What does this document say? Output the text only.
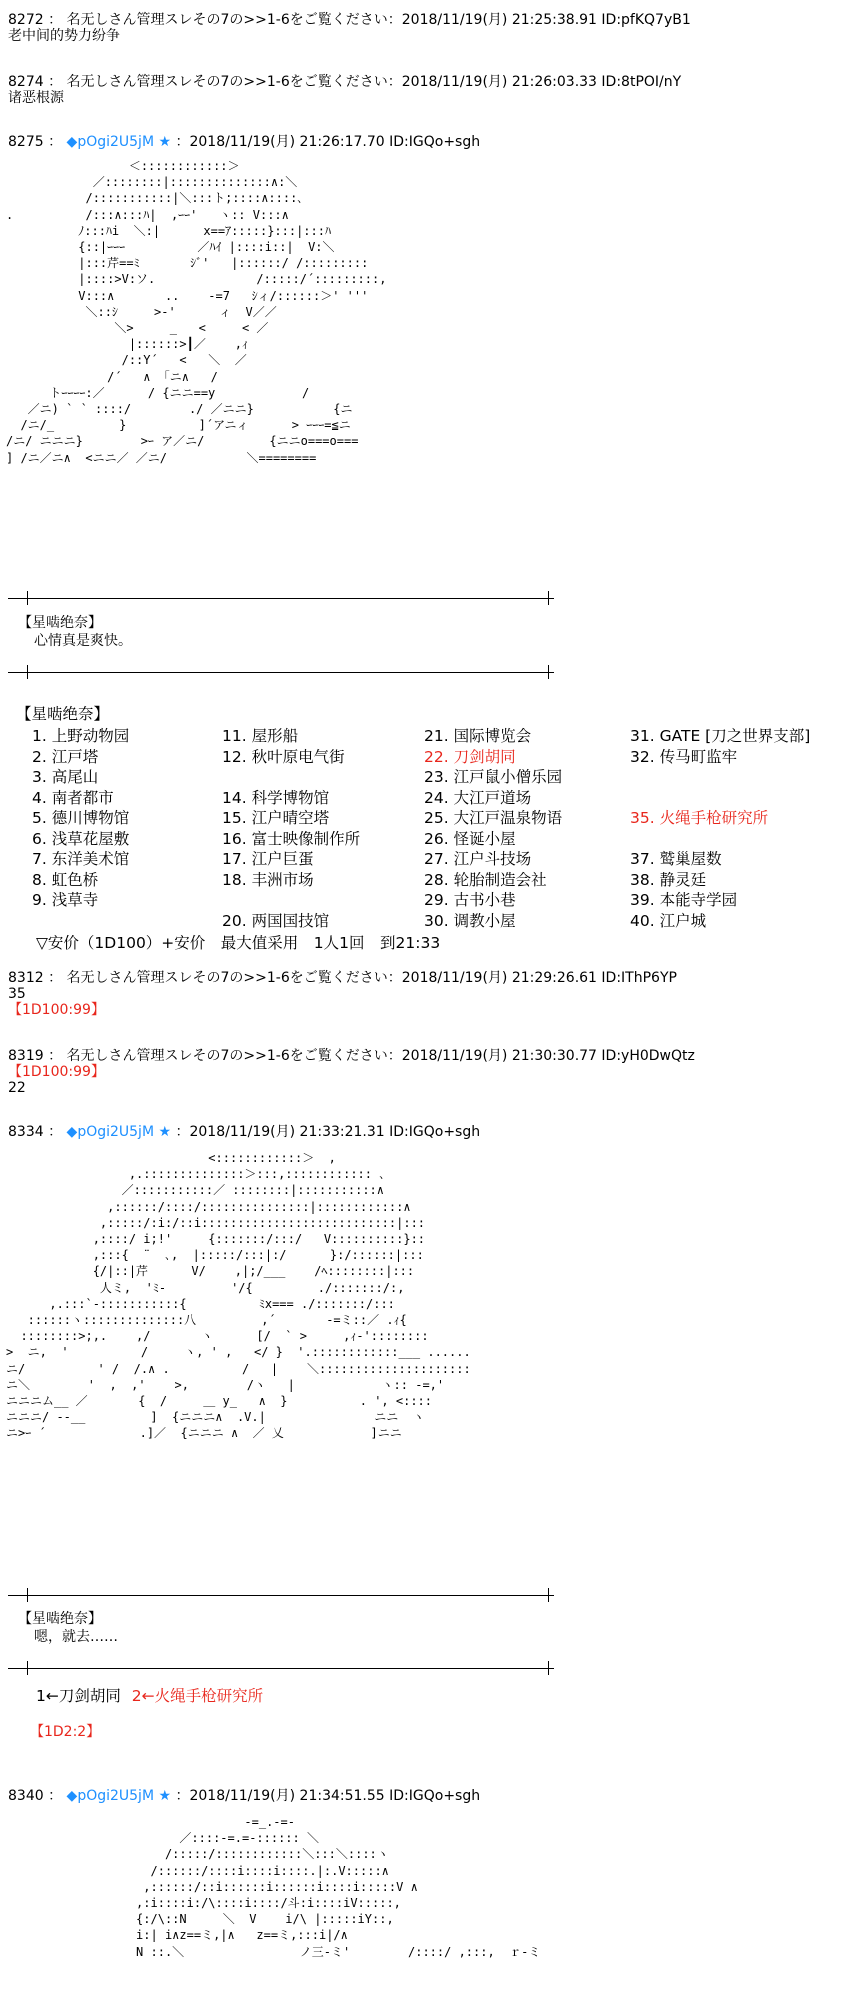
8272 ： 名无しさん管理スレその7の>>1-6をご覧ください：2018/11/19(月) 21:25:38.91 ID:pfKQ7yB1
老中间的势力纷争
8274 ： 名无しさん管理スレその7の>>1-6をご覧ください：2018/11/19(月) 21:26:03.33 ID:8tPOI/nY
诸恶根源
8275 ： ◆pOgi2U5jM ★ ：2018/11/19(月) 21:26:17.70 ID:IGQo+sgh
＜::::::::::::＞
／::::::::|::::::::::::::∧:＼
/:::::::::::|＼:::ト;::::∧::::､
.          /:::∧:::ﾊ|  ,ｰｰ'   ヽ:: V:::∧
ﾉ:::ﾊi  ＼:|      x==ｱ:::::}:::|:::ﾊ
{::|ｰｰｰ          ／ﾊｲ |::::i::|  V:＼
|:::芹==ﾐ       ｼﾞ'   |::::::/ /:::::::::
|::::>V:ソ.              /:::::/´:::::::::,
V:::∧       ..    -=7   ｼィ/::::::＞' '''
＼::ｼ     >-'      ィ  V／／
＼>     _   <     < ／
|::::::>┃／    ,ｨ
/::Y´   <   ＼  ／
/´   ∧ 「ニ∧   /
トｰｰｰｰ:／      / {ニニ==y            /
／ニ) ` ` ::::/        ./ ／ニニ}           {ニ
/ニ/_         }          ]´アニィ      > ｰｰｰ=≦ニ
/ニ/ ニニニ}        >ｰ ア／ニ/         {ニニo===o===
] /ニ／ニ∧  <ニニ／ ／ニ/           ＼========
【星啮绝奈】
心情真是爽快。
【星啮绝奈】
1. 上野动物园
2. 江戸塔
3. 高尾山
4. 南者都市
5. 德川博物馆
6. 浅草花屋敷
7. 东洋美术馆
8. 虹色桥
9. 浅草寺
11. 屋形船
12. 秋叶原电气街
14. 科学博物馆
15. 江户晴空塔
16. 富士映像制作所
17. 江户巨蛋
18. 丰洲市场
20. 两国国技馆
21. 国际博览会
22. 刀剑胡同
23. 江戸鼠小僧乐园
24. 大江戸道场
25. 大江戸温泉物语
26. 怪诞小屋
27. 江户斗技场
28. 轮胎制造会社
29. 古书小巷
30. 调教小屋
31. GATE [刀之世界支部]
32. 传马町监牢
35. 火绳手枪研究所
37. 鹫巢屋数
38. 静灵廷
39. 本能寺学园
40. 江户城
▽安价（1D100）+安价　最大值采用　1人1回　到21:33
8312 ： 名无しさん管理スレその7の>>1-6をご覧ください：2018/11/19(月) 21:29:26.61 ID:IThP6YP
35
【1D100:99】
8319 ： 名无しさん管理スレその7の>>1-6をご覧ください：2018/11/19(月) 21:30:30.77 ID:yH0DwQtz
【1D100:99】
22
8334 ： ◆pOgi2U5jM ★ ：2018/11/19(月) 21:33:21.31 ID:IGQo+sgh
<::::::::::::＞  ,
,.::::::::::::::＞:::,:::::::::::: ､
／:::::::::::／ ::::::::|:::::::::::∧
,::::::/::::/:::::::::::::::|::::::::::::∧
,:::::/:i:/::i:::::::::::::::::::::::::::|:::
,::::/ i;!'     {:::::::/:::/   V::::::::::}::
,:::{  ¨  ､,  |:::::/:::|:/      }:/::::::|:::
{/|::|芹      V/    ,|;/___    /ﾍ::::::::|:::
人ミ,  'ﾐ-         '/{         ./:::::::/:,
,.:::`-:::::::::::{          ﾐx=== ./:::::::/:::
::::::ヽ::::::::::::::八         ,´       -=ミ::／ .ｨ{
::::::::>;,.    ,/       ヽ      [/  ` >     ,ｨ-'::::::::
>  ニ,  '          /     ヽ, ' ,   </ }  '.::::::::::::___ ......
ニ/          ' /  /.∧ .          /   |    ＼:::::::::::::::::::::
ニ＼        '  ,  ,'    >,        /ヽ   |            ヽ:: ‐=,'
ニニニム__ ／       {  /     ＿ y_   ∧  }          . ', <::::
ニニニ/ ‐-__         ]  {ニニニ∧  .V.|               ニニ  ヽ
ニ>ｰ ´             .]／  {ニニニ ∧  ／ 乂            ]ニニ
【星啮绝奈】
嗯，就去……
1←刀剑胡同 2←火绳手枪研究所
【1D2:2】
8340 ： ◆pOgi2U5jM ★ ：2018/11/19(月) 21:34:51.55 ID:IGQo+sgh
‐=_.-=-
／::::-=.=-:::::: ＼
/:::::/::::::::::::＼:::＼::::ヽ
/::::::/::::i::::i::::.|:.V:::::∧
,::::::/::i::::::i::::::i::::i:::::V ∧
,:i::::i:/\::::i::::/斗:i::::iV:::::,
{:/\::N     ＼  V    i/\ |:::::iY::,
i:| i∧z==ミ,|∧   z==ミ,:::i|/∧
N ::.＼                ノ三‐ミ'        /::::/ ,:::,  ｒ‐ミ
